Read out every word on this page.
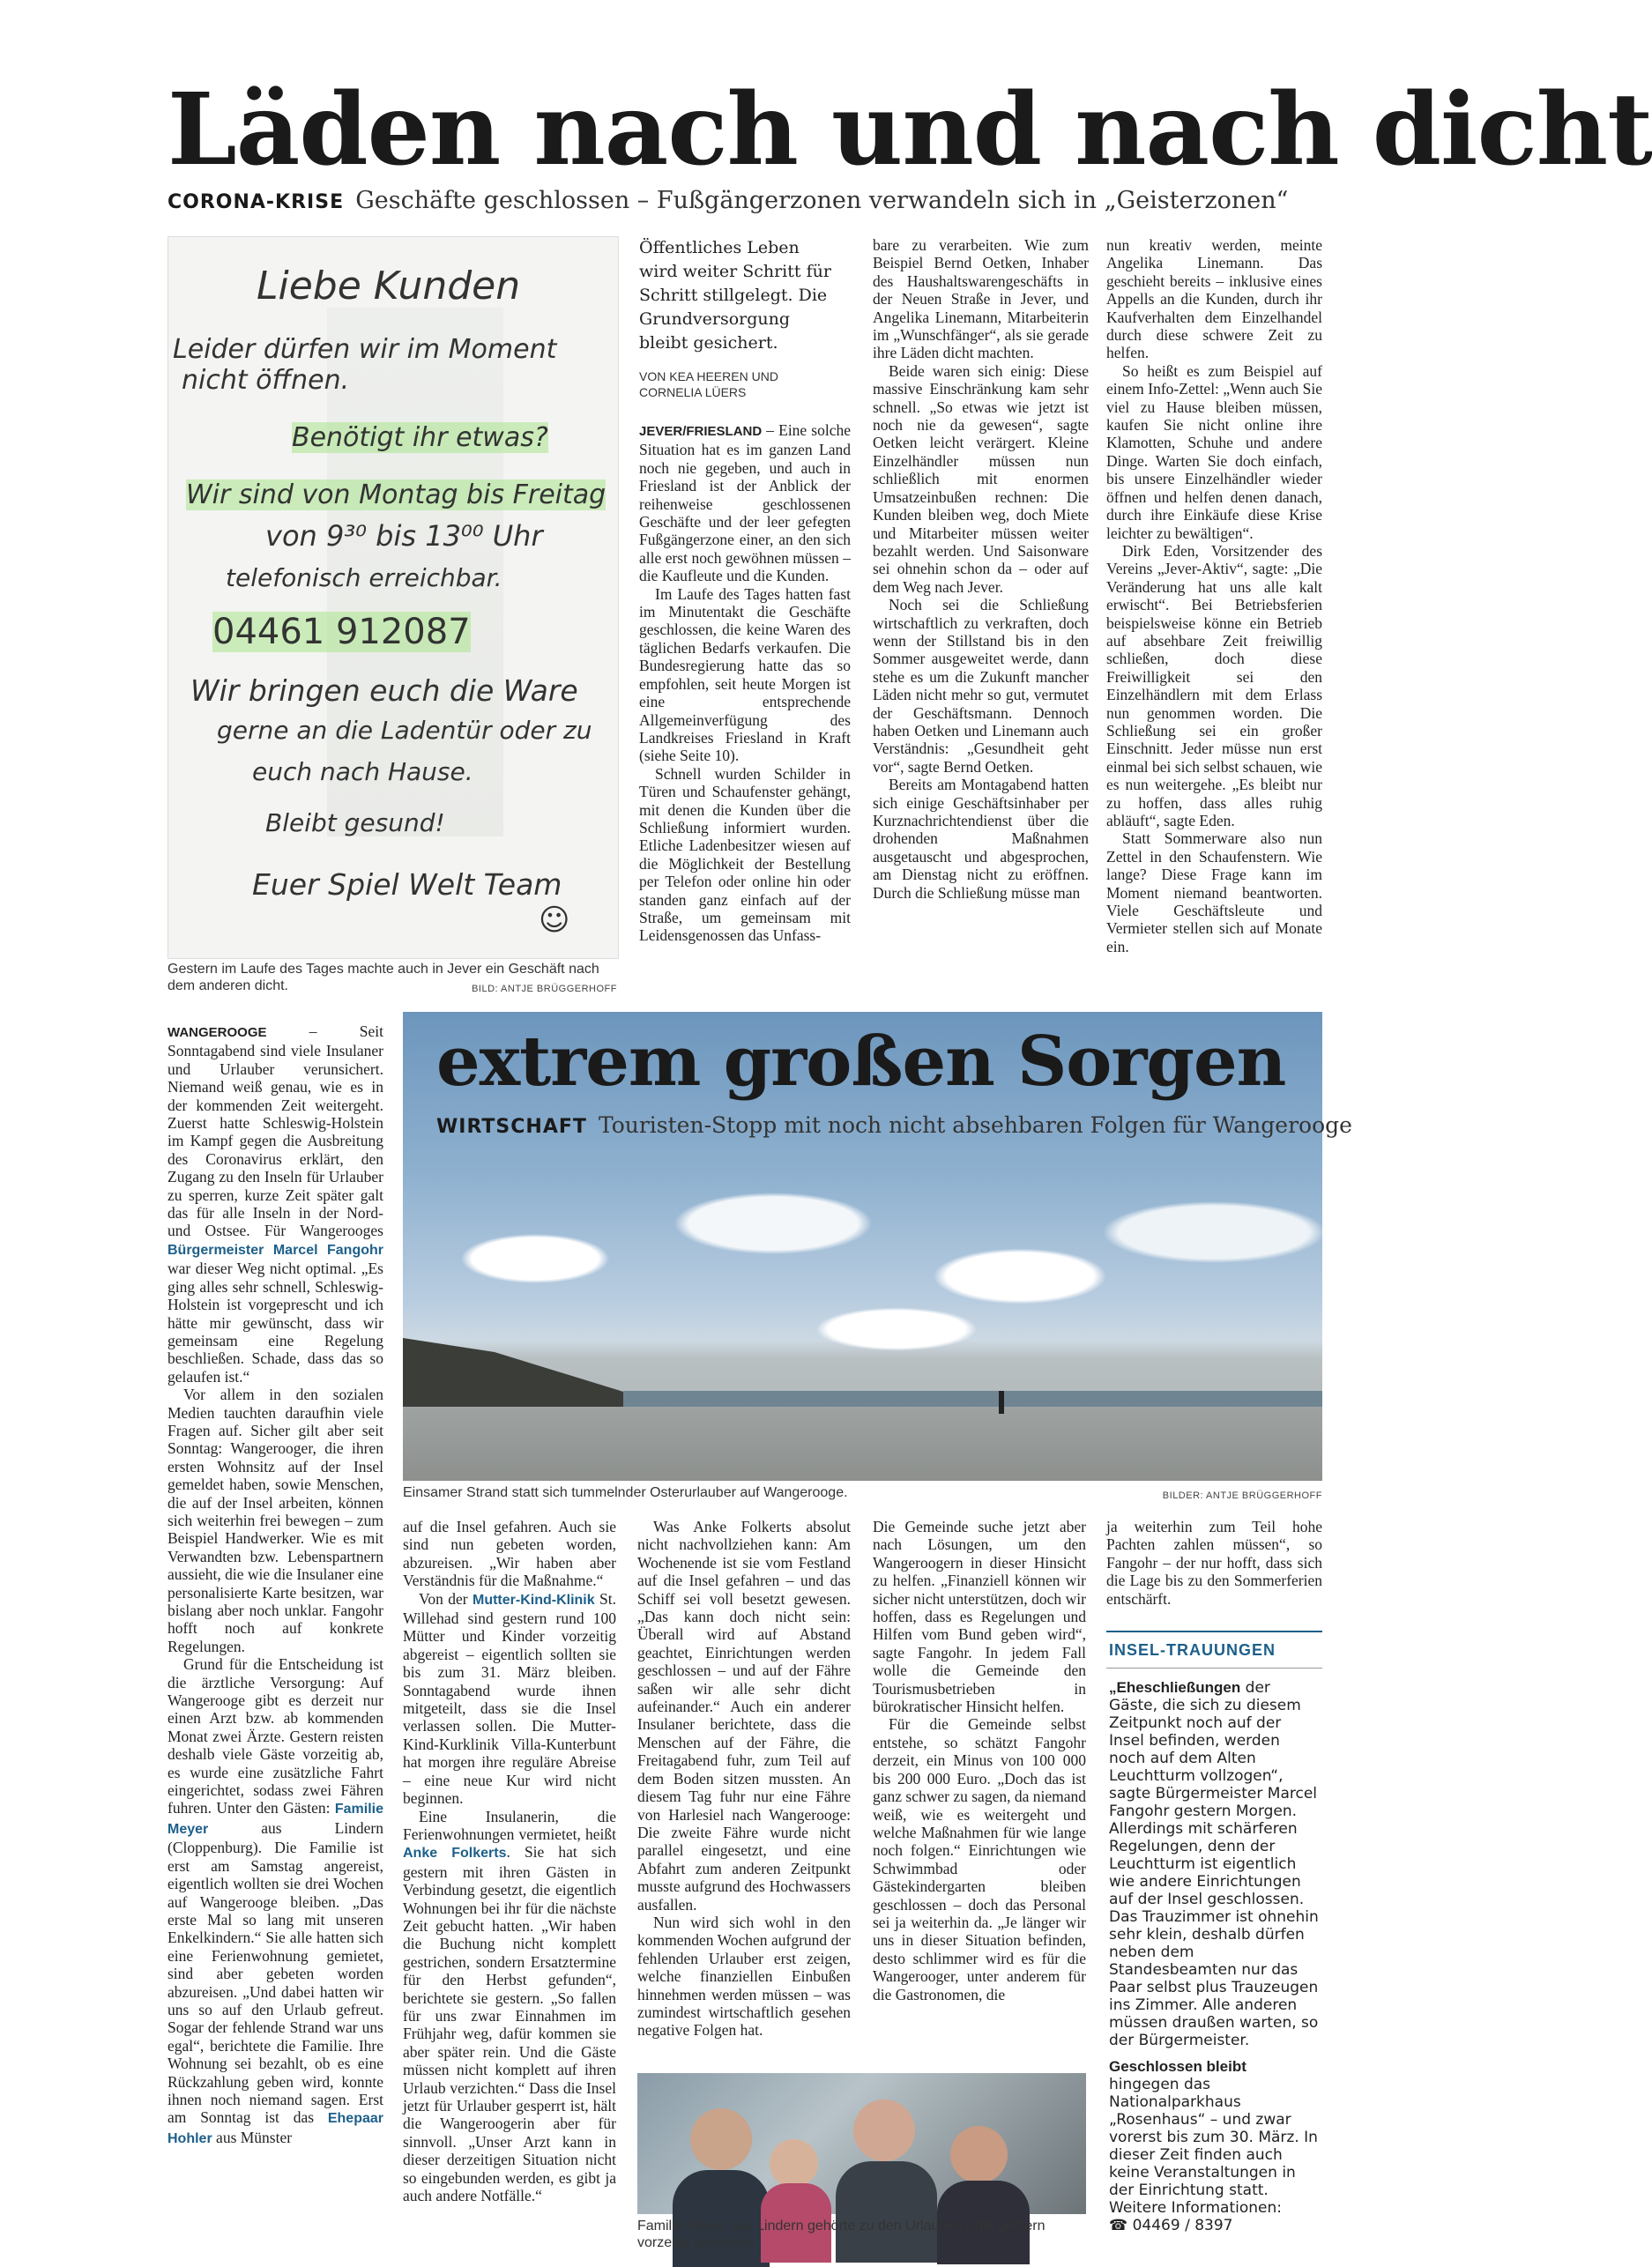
Läden nach und nach dicht
CORONA-KRISE Geschäfte geschlossen – Fußgängerzonen verwandeln sich in „Geisterzonen“
Liebe Kunden
Leider dürfen wir im Moment
nicht öffnen.
Benötigt ihr etwas?
Wir sind von Montag bis Freitag
von 9³⁰ bis 13⁰⁰ Uhr
telefonisch erreichbar.
04461 912087
Wir bringen euch die Ware
gerne an die Ladentür oder zu
euch nach Hause.
Bleibt gesund!
Euer Spiel Welt Team
☺
Gestern im Laufe des Tages machte auch in Jever ein Geschäft nach dem anderen dicht.	BILD: ANTJE BRÜGGERHOFF
Öffentliches Leben wird weiter Schritt für Schritt stillgelegt. Die Grundversorgung bleibt gesichert.
VON KEA HEEREN UND
CORNELIA LÜERS

JEVER/FRIESLAND – Eine solche Situation hat es im ganzen Land noch nie gegeben, und auch in Friesland ist der Anblick der reihenweise geschlossenen Geschäfte und der leer gefegten Fußgängerzone einer, an den sich alle erst noch gewöhnen müssen – die Kaufleute und die Kunden.

Im Laufe des Tages hatten fast im Minutentakt die Geschäfte geschlossen, die keine Waren des täglichen Bedarfs verkaufen. Die Bundesregierung hatte das so empfohlen, seit heute Morgen ist eine entsprechende Allgemeinverfügung des Landkreises Friesland in Kraft (siehe Seite 10).

Schnell wurden Schilder in Türen und Schaufenster gehängt, mit denen die Kunden über die Schließung informiert wurden. Etliche Ladenbesitzer wiesen auf die Möglichkeit der Bestellung per Telefon oder online hin oder standen ganz einfach auf der Straße, um gemeinsam mit Leidensgenossen das Unfass-

bare zu verarbeiten. Wie zum Beispiel Bernd Oetken, Inhaber des Haushaltswarengeschäfts in der Neuen Straße in Jever, und Angelika Linemann, Mitarbeiterin im „Wunschfänger“, als sie gerade ihre Läden dicht machten.

Beide waren sich einig: Diese massive Einschränkung kam sehr schnell. „So etwas wie jetzt ist noch nie da gewesen“, sagte Oetken leicht verärgert. Kleine Einzelhändler müssen nun schließlich mit enormen Umsatzeinbußen rechnen: Die Kunden bleiben weg, doch Miete und Mitarbeiter müssen weiter bezahlt werden. Und Saisonware sei ohnehin schon da – oder auf dem Weg nach Jever.

Noch sei die Schließung wirtschaftlich zu verkraften, doch wenn der Stillstand bis in den Sommer ausgeweitet werde, dann stehe es um die Zukunft mancher Läden nicht mehr so gut, vermutet der Geschäftsmann. Dennoch haben Oetken und Linemann auch Verständnis: „Gesundheit geht vor“, sagte Bernd Oetken.

Bereits am Montagabend hatten sich einige Geschäftsinhaber per Kurznachrichtendienst über die drohenden Maßnahmen ausgetauscht und abgesprochen, am Dienstag nicht zu eröffnen. Durch die Schließung müsse man

nun kreativ werden, meinte Angelika Linemann. Das geschieht bereits – inklusive eines Appells an die Kunden, durch ihr Kaufverhalten dem Einzelhandel durch diese schwere Zeit zu helfen.

So heißt es zum Beispiel auf einem Info-Zettel: „Wenn auch Sie viel zu Hause bleiben müssen, kaufen Sie nicht online ihre Klamotten, Schuhe und andere Dinge. Warten Sie doch einfach, bis unsere Einzelhändler wieder öffnen und helfen denen danach, durch ihre Einkäufe diese Krise leichter zu bewältigen“.

Dirk Eden, Vorsitzender des Vereins „Jever-Aktiv“, sagte: „Die Veränderung hat uns alle kalt erwischt“. Bei Betriebsferien beispielsweise könne ein Betrieb auf absehbare Zeit freiwillig schließen, doch diese Freiwilligkeit sei den Einzelhändlern mit dem Erlass nun genommen worden. Die Schließung sei ein großer Einschnitt. Jeder müsse nun erst einmal bei sich selbst schauen, wie es nun weitergehe. „Es bleibt nur zu hoffen, dass alles ruhig abläuft“, sagte Eden.

Statt Sommerware also nun Zettel in den Schaufenstern. Wie lange? Diese Frage kann im Moment niemand beantworten. Viele Geschäftsleute und Vermieter stellen sich auf Monate ein.

WANGEROOGE – Seit Sonntagabend sind viele Insulaner und Urlauber verunsichert. Niemand weiß genau, wie es in der kommenden Zeit weitergeht. Zuerst hatte Schleswig-Holstein im Kampf gegen die Ausbreitung des Coronavirus erklärt, den Zugang zu den Inseln für Urlauber zu sperren, kurze Zeit später galt das für alle Inseln in der Nord- und Ostsee. Für Wangerooges Bürgermeister Marcel Fangohr war dieser Weg nicht optimal. „Es ging alles sehr schnell, Schleswig-Holstein ist vorgeprescht und ich hätte mir gewünscht, dass wir gemeinsam eine Regelung beschließen. Schade, dass das so gelaufen ist.“

Vor allem in den sozialen Medien tauchten daraufhin viele Fragen auf. Sicher gilt aber seit Sonntag: Wangerooger, die ihren ersten Wohnsitz auf der Insel gemeldet haben, sowie Menschen, die auf der Insel arbeiten, können sich weiterhin frei bewegen – zum Beispiel Handwerker. Wie es mit Verwandten bzw. Lebenspartnern aussieht, die wie die Insulaner eine personalisierte Karte besitzen, war bislang aber noch unklar. Fangohr hofft noch auf konkrete Regelungen.

Grund für die Entscheidung ist die ärztliche Versorgung: Auf Wangerooge gibt es derzeit nur einen Arzt bzw. ab kommenden Monat zwei Ärzte. Gestern reisten deshalb viele Gäste vorzeitig ab, es wurde eine zusätzliche Fahrt eingerichtet, sodass zwei Fähren fuhren. Unter den Gästen: Familie Meyer aus Lindern (Cloppenburg). Die Familie ist erst am Samstag angereist, eigentlich wollten sie drei Wochen auf Wangerooge bleiben. „Das erste Mal so lang mit unseren Enkelkindern.“ Sie alle hatten sich eine Ferienwohnung gemietet, sind aber gebeten worden abzureisen. „Und dabei hatten wir uns so auf den Urlaub gefreut. Sogar der fehlende Strand war uns egal“, berichtete die Familie. Ihre Wohnung sei bezahlt, ob es eine Rückzahlung geben wird, konnte ihnen noch niemand sagen. Erst am Sonntag ist das Ehepaar Hohler aus Münster

extrem großen Sorgen
WIRTSCHAFT Touristen-Stopp mit noch nicht absehbaren Folgen für Wangerooge
Einsamer Strand statt sich tummelnder Osterurlauber auf Wangerooge.	BILDER: ANTJE BRÜGGERHOFF

auf die Insel gefahren. Auch sie sind nun gebeten worden, abzureisen. „Wir haben aber Verständnis für die Maßnahme.“

Von der Mutter-Kind-Klinik St. Willehad sind gestern rund 100 Mütter und Kinder vorzeitig abgereist – eigentlich sollten sie bis zum 31. März bleiben. Sonntagabend wurde ihnen mitgeteilt, dass sie die Insel verlassen sollen. Die Mutter-Kind-Kurklinik Villa-Kunterbunt hat morgen ihre reguläre Abreise – eine neue Kur wird nicht beginnen.

Eine Insulanerin, die Ferienwohnungen vermietet, heißt Anke Folkerts. Sie hat sich gestern mit ihren Gästen in Verbindung gesetzt, die eigentlich Wohnungen bei ihr für die nächste Zeit gebucht hatten. „Wir haben die Buchung nicht komplett gestrichen, sondern Ersatztermine für den Herbst gefunden“, berichtete sie gestern. „So fallen für uns zwar Einnahmen im Frühjahr weg, dafür kommen sie aber später rein. Und die Gäste müssen nicht komplett auf ihren Urlaub verzichten.“ Dass die Insel jetzt für Urlauber gesperrt ist, hält die Wangeroogerin aber für sinnvoll. „Unser Arzt kann in dieser derzeitigen Situation nicht so eingebunden werden, es gibt ja auch andere Notfälle.“

Was Anke Folkerts absolut nicht nachvollziehen kann: Am Wochenende ist sie vom Festland auf die Insel gefahren – und das Schiff sei voll besetzt gewesen. „Das kann doch nicht sein: Überall wird auf Abstand geachtet, Einrichtungen werden geschlossen – und auf der Fähre saßen wir alle sehr dicht aufeinander.“ Auch ein anderer Insulaner berichtete, dass die Menschen auf der Fähre, die Freitagabend fuhr, zum Teil auf dem Boden sitzen mussten. An diesem Tag fuhr nur eine Fähre von Harlesiel nach Wangerooge: Die zweite Fähre wurde nicht parallel eingesetzt, und eine Abfahrt zum anderen Zeitpunkt musste aufgrund des Hochwassers ausfallen.

Nun wird sich wohl in den kommenden Wochen aufgrund der fehlenden Urlauber erst zeigen, welche finanziellen Einbußen hinnehmen werden müssen – was zumindest wirtschaftlich gesehen negative Folgen hat.

Die Gemeinde suche jetzt aber nach Lösungen, um den Wangeroogern in dieser Hinsicht zu helfen. „Finanziell können wir sicher nicht unterstützen, doch wir hoffen, dass es Regelungen und Hilfen vom Bund geben wird“, sagte Fangohr. In jedem Fall wolle die Gemeinde den Tourismusbetrieben in bürokratischer Hinsicht helfen.

Für die Gemeinde selbst entstehe, so schätzt Fangohr derzeit, ein Minus von 100 000 bis 200 000 Euro. „Doch das ist ganz schwer zu sagen, da niemand weiß, wie es weitergeht und welche Maßnahmen für wie lange noch folgen.“ Einrichtungen wie Schwimmbad oder Gästekindergarten bleiben geschlossen – doch das Personal sei ja weiterhin da. „Je länger wir uns in dieser Situation befinden, desto schlimmer wird es für die Wangerooger, unter anderem für die Gastronomen, die

ja weiterhin zum Teil hohe Pachten zahlen müssen“, so Fangohr – der nur hofft, dass sich die Lage bis zu den Sommerferien entschärft.

INSEL-TRAUUNGEN

„Eheschließungen der Gäste, die sich zu diesem Zeitpunkt noch auf der Insel befinden, werden noch auf dem Alten Leuchtturm vollzogen“, sagte Bürgermeister Marcel Fangohr gestern Morgen. Allerdings mit schärferen Regelungen, denn der Leuchtturm ist eigentlich wie andere Einrichtungen auf der Insel geschlossen. Das Trauzimmer ist ohnehin sehr klein, deshalb dürfen neben dem Standesbeamten nur das Paar selbst plus Trauzeugen ins Zimmer. Alle anderen müssen draußen warten, so der Bürgermeister.

Geschlossen bleibt hingegen das Nationalparkhaus „Rosenhaus“ – und zwar vorerst bis zum 30. März. In dieser Zeit finden auch keine Veranstaltungen in der Einrichtung statt. Weitere Informationen:
☎ 04469 / 8397

Familie Meyer aus Lindern gehörte zu den Urlaubern, die gestern vorzeitig abreisten.
